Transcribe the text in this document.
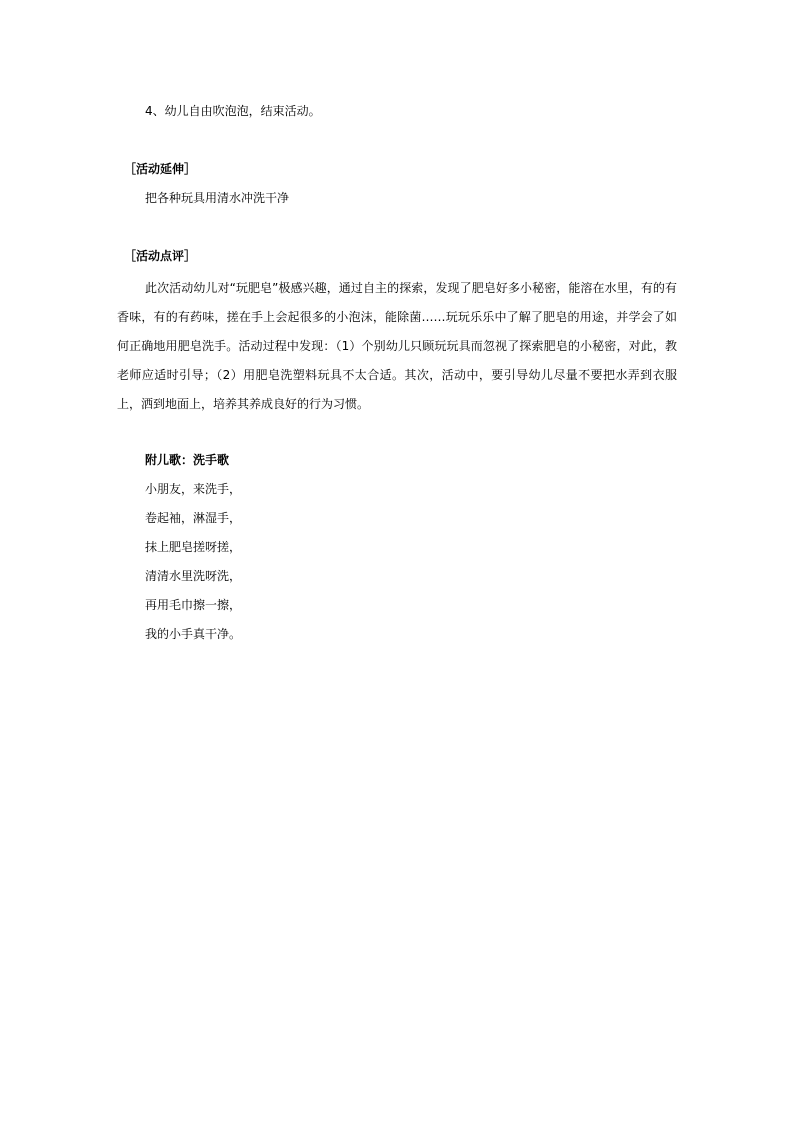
4、幼儿自由吹泡泡，结束活动。
［活动延伸］
把各种玩具用清水冲洗干净
［活动点评］
此次活动幼儿对“玩肥皂”极感兴趣，通过自主的探索，发现了肥皂好多小秘密，能溶在水里，有的有香味，有的有药味，搓在手上会起很多的小泡沫，能除菌……玩玩乐乐中了解了肥皂的用途，并学会了如何正确地用肥皂洗手。活动过程中发现：（1）个别幼儿只顾玩玩具而忽视了探索肥皂的小秘密，对此，教老师应适时引导；（2）用肥皂洗塑料玩具不太合适。其次，活动中，要引导幼儿尽量不要把水弄到衣服上，洒到地面上，培养其养成良好的行为习惯。
附儿歌：洗手歌
小朋友，来洗手，
卷起袖，淋湿手，
抹上肥皂搓呀搓，
清清水里洗呀洗，
再用毛巾擦一擦，
我的小手真干净。
